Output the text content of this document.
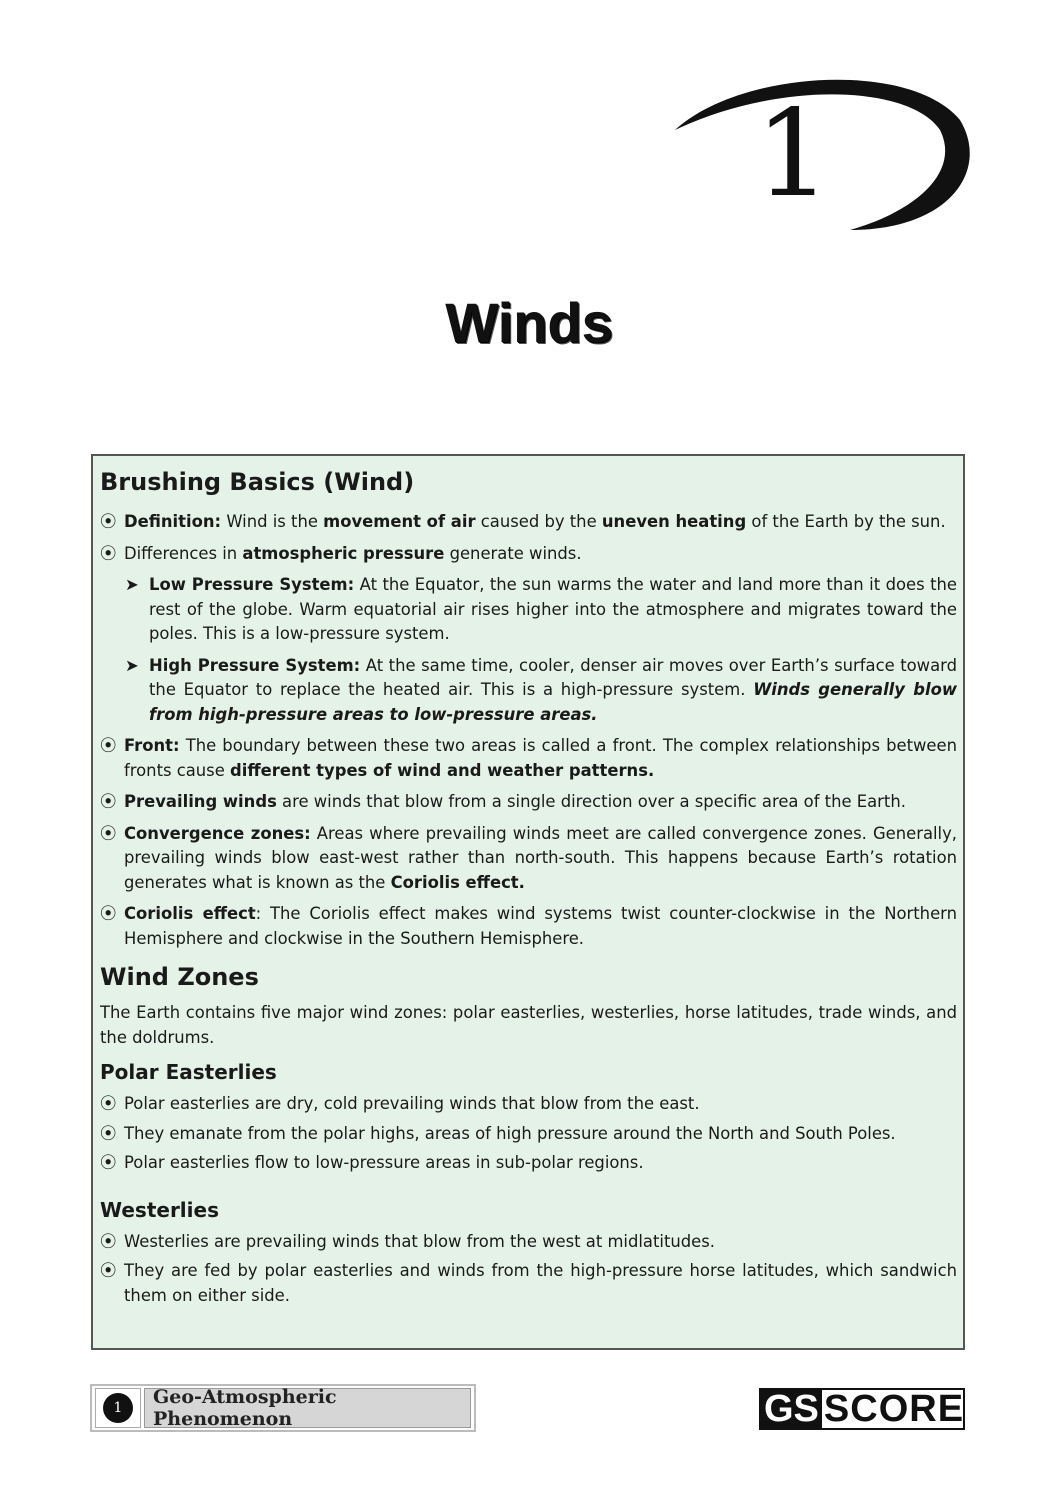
1
Winds
Brushing Basics (Wind)
⦿ Definition: Wind is the movement of air caused by the uneven heating of the Earth by the sun.
⦿ Differences in atmospheric pressure generate winds.
➤ Low Pressure System: At the Equator, the sun warms the water and land more than it does the rest of the globe. Warm equatorial air rises higher into the atmosphere and migrates toward the poles. This is a low-pressure system.
➤ High Pressure System: At the same time, cooler, denser air moves over Earth’s surface toward the Equator to replace the heated air. This is a high-pressure system. Winds generally blow from high-pressure areas to low-pressure areas.
⦿ Front: The boundary between these two areas is called a front. The complex relationships between fronts cause different types of wind and weather patterns.
⦿ Prevailing winds are winds that blow from a single direction over a specific area of the Earth.
⦿ Convergence zones: Areas where prevailing winds meet are called convergence zones. Generally, prevailing winds blow east-west rather than north-south. This happens because Earth’s rotation generates what is known as the Coriolis effect.
⦿ Coriolis effect: The Coriolis effect makes wind systems twist counter-clockwise in the Northern Hemisphere and clockwise in the Southern Hemisphere.
Wind Zones
The Earth contains five major wind zones: polar easterlies, westerlies, horse latitudes, trade winds, and the doldrums.
Polar Easterlies
⦿ Polar easterlies are dry, cold prevailing winds that blow from the east.
⦿ They emanate from the polar highs, areas of high pressure around the North and South Poles.
⦿ Polar easterlies flow to low-pressure areas in sub-polar regions.
Westerlies
⦿ Westerlies are prevailing winds that blow from the west at midlatitudes.
⦿ They are fed by polar easterlies and winds from the high-pressure horse latitudes, which sandwich them on either side.
1	Geo-Atmospheric Phenomenon	GS SCORE
